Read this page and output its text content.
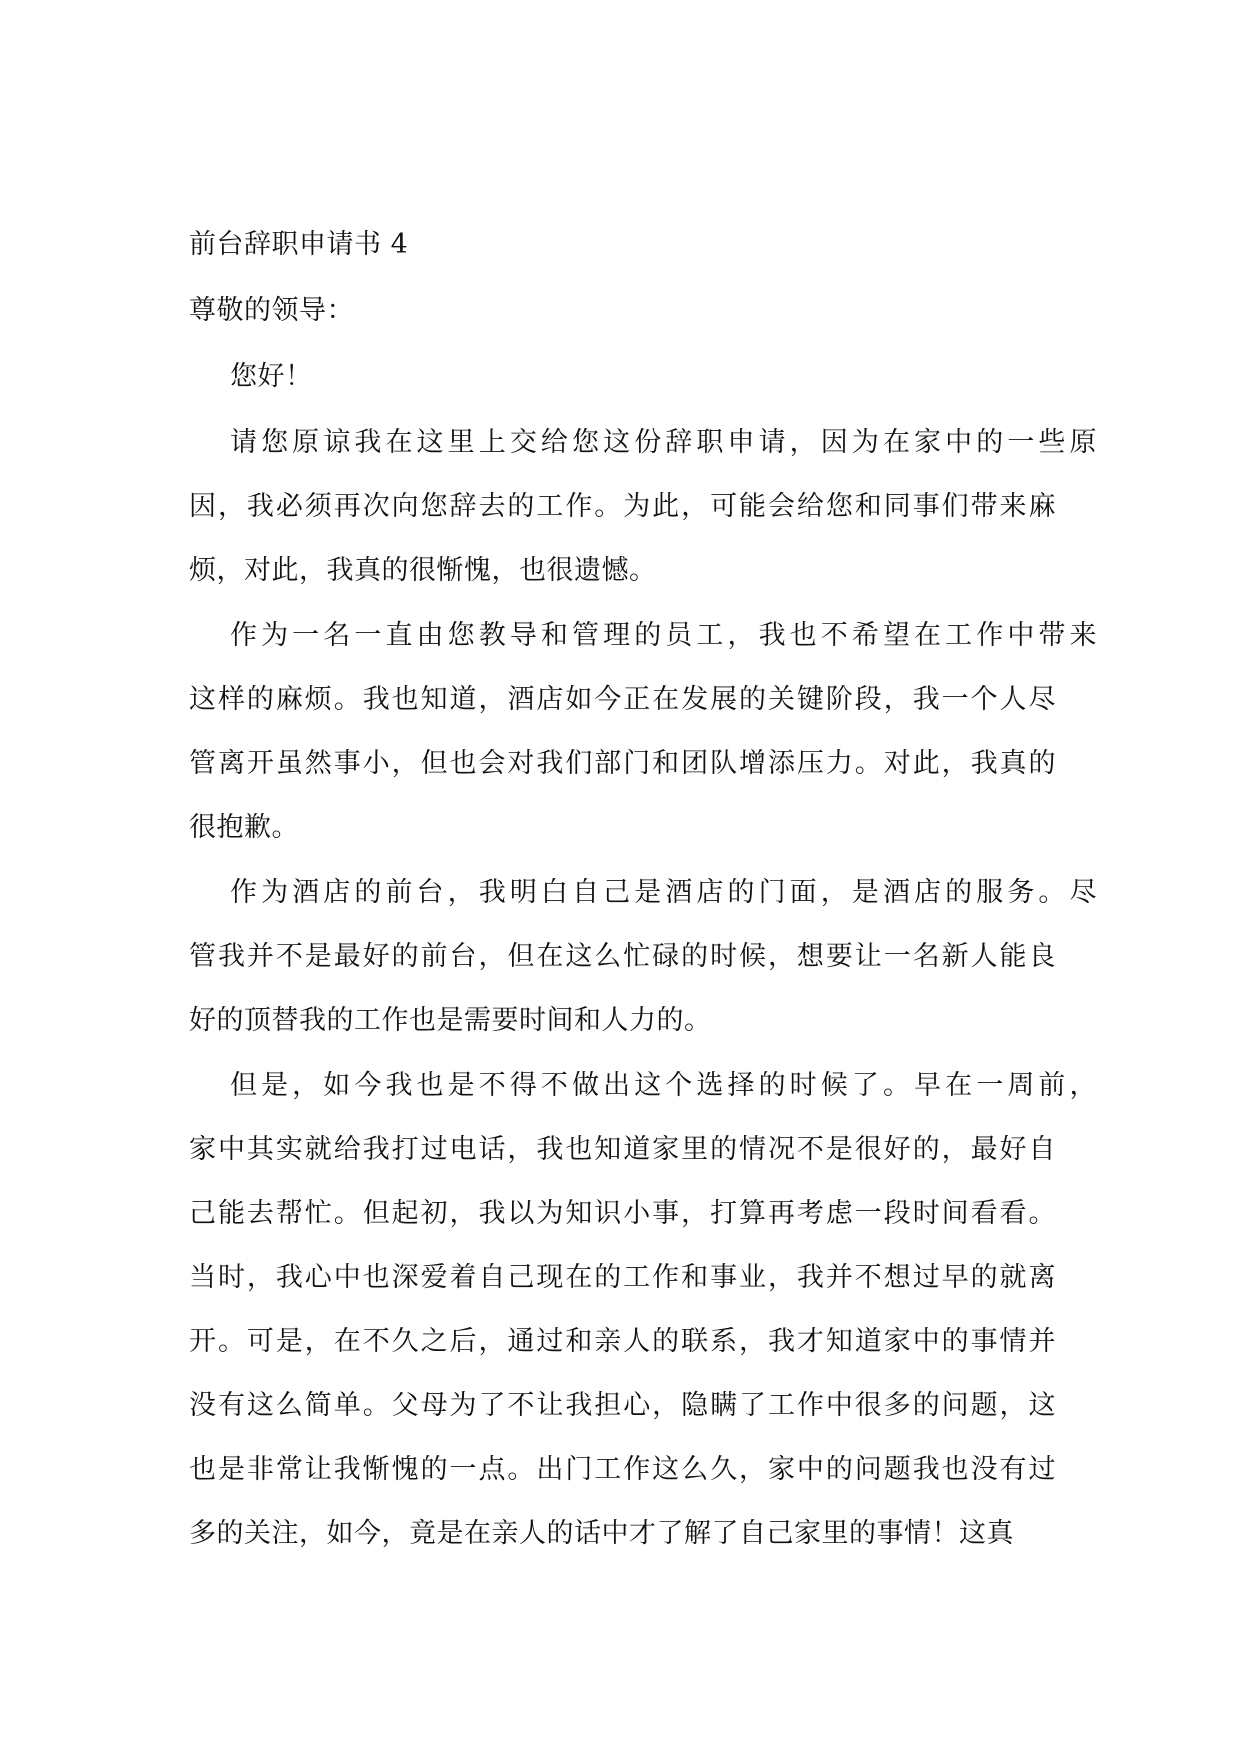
前台辞职申请书 4

尊敬的领导：

您好！

请您原谅我在这里上交给您这份辞职申请，因为在家中的一些原
因，我必须再次向您辞去的工作。为此，可能会给您和同事们带来麻
烦，对此，我真的很惭愧，也很遗憾。
作为一名一直由您教导和管理的员工，我也不希望在工作中带来
这样的麻烦。我也知道，酒店如今正在发展的关键阶段，我一个人尽
管离开虽然事小，但也会对我们部门和团队增添压力。对此，我真的
很抱歉。
作为酒店的前台，我明白自己是酒店的门面，是酒店的服务。尽
管我并不是最好的前台，但在这么忙碌的时候，想要让一名新人能良
好的顶替我的工作也是需要时间和人力的。
但是，如今我也是不得不做出这个选择的时候了。早在一周前，
家中其实就给我打过电话，我也知道家里的情况不是很好的，最好自
己能去帮忙。但起初，我以为知识小事，打算再考虑一段时间看看。
当时，我心中也深爱着自己现在的工作和事业，我并不想过早的就离
开。可是，在不久之后，通过和亲人的联系，我才知道家中的事情并
没有这么简单。父母为了不让我担心，隐瞒了工作中很多的问题，这
也是非常让我惭愧的一点。出门工作这么久，家中的问题我也没有过
多的关注，如今，竟是在亲人的话中才了解了自己家里的事情！这真
